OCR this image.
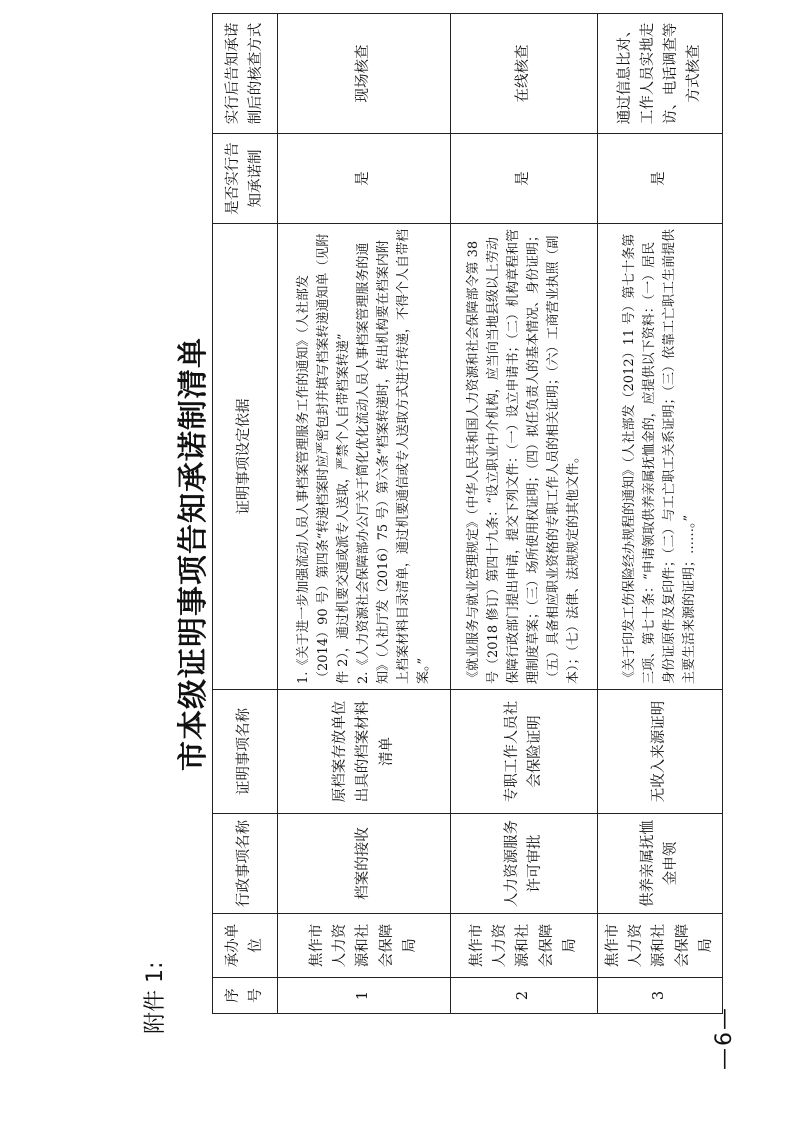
—6—
附件 1:
市本级证明事项告知承诺制清单
序号	承办单位	行政事项名称	证明事项名称	证明事项设定依据	是否实行告知承诺制	实行后告知承诺制后的核查方式
1	焦作市人力资源和社会保障局	档案的接收	原档案存放单位出具的档案材料清单	1.《关于进一步加强流动人员人事档案管理服务工作的通知》（人社部发（2014）90 号）第四条“转递档案时应严密包封并填写档案转递通知单（见附件 2），通过机要交通或派专人送取，严禁个人自带档案转递” 2.《人力资源社会保障部办公厅关于简化优化流动人员人事档案管理服务的通知》（人社厅发（2016）75 号）第六条“档案转递时，转出机构要在档案内附上档案材料目录清单，通过机要通信或专人送取方式进行转递，不得个人自带档案。”	是	现场核查
2	焦作市人力资源和社会保障局	人力资源服务许可审批	专职工作人员社会保险证明	《就业服务与就业管理规定》（中华人民共和国人力资源和社会保障部令第 38 号（2018 修订）第四十九条：“设立职业中介机构，应当向当地县级以上劳动保障行政部门提出申请，提交下列文件：（一）设立申请书；（二）机构章程和管理制度草案；（三）场所使用权证明；（四）拟任负责人的基本情况、身份证明；（五）具备相应职业资格的专职工作人员的相关证明；（六）工商营业执照（副本）；（七）法律、法规规定的其他文件。	是	在线核查
3	焦作市人力资源和社会保障局	供养亲属抚恤金申领	无收入来源证明	《关于印发工伤保险经办规程的通知》（人社部发（2012）11 号）第七十条第三项、第七十条：“申请领取供养亲属抚恤金的，应提供以下资料：（一）居民身份证原件及复印件；（二）与工亡职工关系证明；（三）依靠工亡职工生前提供主要生活来源的证明；……。”	是	通过信息比对、工作人员实地走访、电话调查等方式核查
